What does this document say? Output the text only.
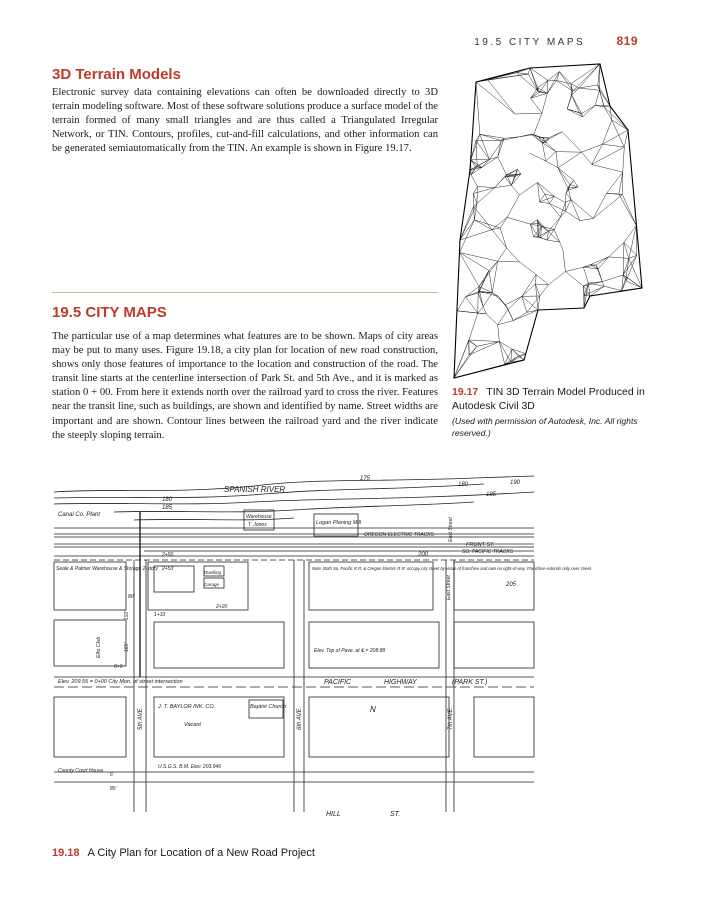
19.5 CITY MAPS	819
3D Terrain Models

Electronic survey data containing elevations can often be downloaded directly to 3D terrain modeling software. Most of these software solutions produce a surface model of the terrain formed of many small triangles and are thus called a Triangulated Irregular Network, or TIN. Contours, profiles, cut-and-fill calculations, and other information can be generated semiautomatically from the TIN. An example is shown in Figure 19.17.

19.5 CITY MAPS

The particular use of a map determines what features are to be shown. Maps of city areas may be put to many uses. Figure 19.18, a city plan for location of new road construction, shows only those features of importance to the location and construction of the road. The transit line starts at the centerline intersection of Park St. and 5th Ave., and it is marked as station 0 + 00. From here it extends north over the railroad yard to cross the river. Features near the transit line, such as buildings, are shown and identified by name. Street widths are important and are shown. Contour lines between the railroad yard and the river indicate the steeply sloping terrain.

19.17 TIN 3D Terrain Model Produced in Autodesk Civil 3D
(Used with permission of Autodesk, Inc. All rights reserved.)
SPANISH RIVER
180
185
190
185
180
175
200
205
Canal Co. Plant	Warehouse
T. Jones	Logan Planing Mill
OREGON ELECTRIC TRACKS
SO. PACIFIC TRACKS
FRONT ST.
Seale & Palmer Warehouse & Storage 2-story
Dwelling
Garage
Note: Both So. Pacific R.R. & Oregon Electric R.R. occupy city street by virtue of franchise and own no right-of-way. Franchise extends only over street.
Elev. Top of Pave. at ℄ = 208.88
Elev. 209.55 = 0+00 City Mon. of street intersection	PACIFIC	HIGHWAY	(PARK ST.)
J. T. BAYLOR INK. CO.
Vacant
Baptist Church	N
5th AVE.	6th AVE.	7th AVE.
East Street
East Street
Elks Club
U.S.G.S. B.M. Elev. 203.946
County Court House
HILL	ST.
80'
85'
150'
165'
2+20
2+50
2+53
1+33
6'
0+0
19.18 A City Plan for Location of a New Road Project
